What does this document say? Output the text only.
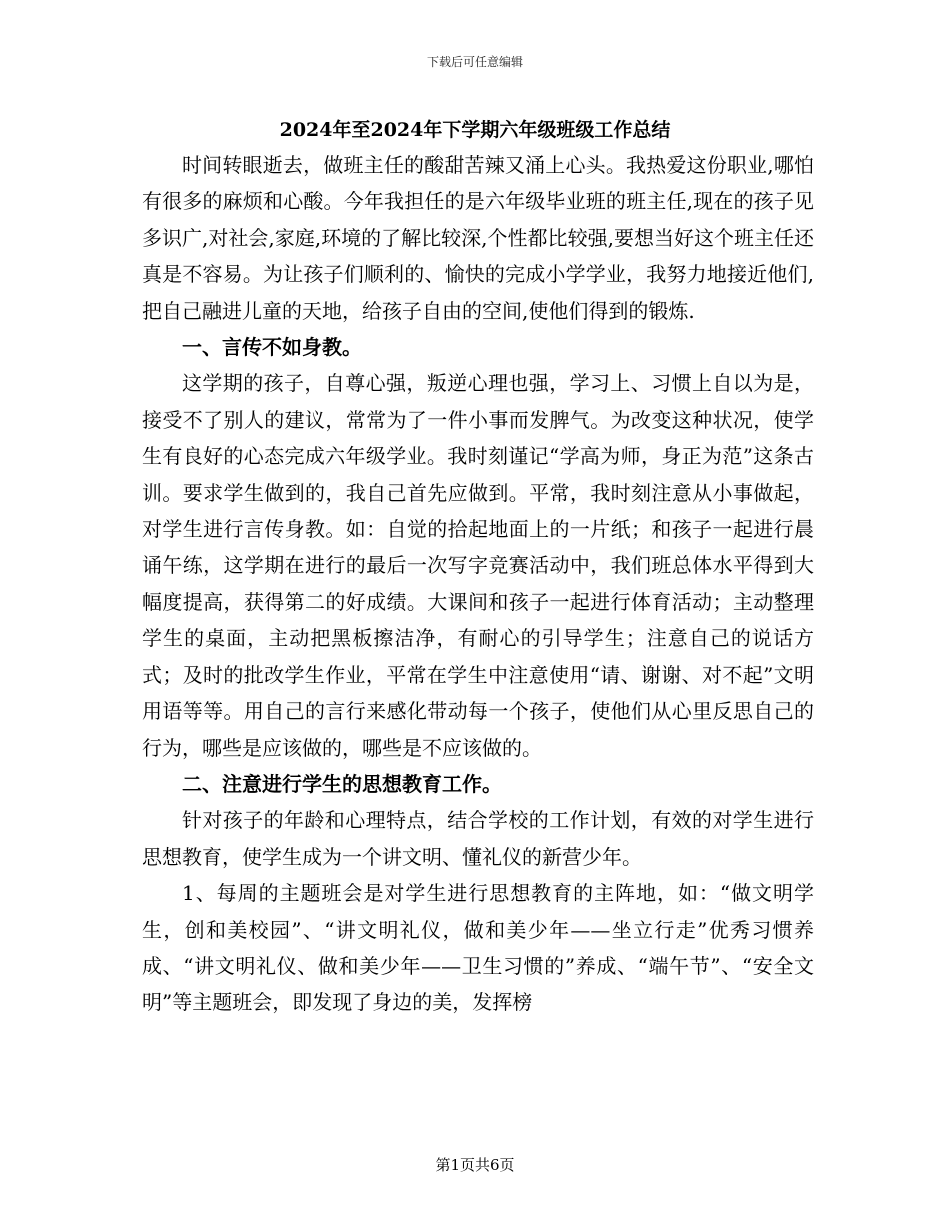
下载后可任意编辑
2024年至2024年下学期六年级班级工作总结

时间转眼逝去，做班主任的酸甜苦辣又涌上心头。我热爱这份职业,哪怕有很多的麻烦和心酸。今年我担任的是六年级毕业班的班主任,现在的孩子见多识广,对社会,家庭,环境的了解比较深,个性都比较强,要想当好这个班主任还真是不容易。为让孩子们顺利的、愉快的完成小学学业，我努力地接近他们,把自己融进儿童的天地，给孩子自由的空间,使他们得到的锻炼.

一、言传不如身教。

这学期的孩子，自尊心强，叛逆心理也强，学习上、习惯上自以为是，接受不了别人的建议，常常为了一件小事而发脾气。为改变这种状况，使学生有良好的心态完成六年级学业。我时刻谨记“学高为师，身正为范”这条古训。要求学生做到的，我自己首先应做到。平常，我时刻注意从小事做起，对学生进行言传身教。如：自觉的拾起地面上的一片纸；和孩子一起进行晨诵午练，这学期在进行的最后一次写字竞赛活动中，我们班总体水平得到大幅度提高，获得第二的好成绩。大课间和孩子一起进行体育活动；主动整理学生的桌面，主动把黑板擦洁净，有耐心的引导学生；注意自己的说话方式；及时的批改学生作业，平常在学生中注意使用“请、谢谢、对不起”文明用语等等。用自己的言行来感化带动每一个孩子，使他们从心里反思自己的行为，哪些是应该做的，哪些是不应该做的。

二、注意进行学生的思想教育工作。

针对孩子的年龄和心理特点，结合学校的工作计划，有效的对学生进行思想教育，使学生成为一个讲文明、懂礼仪的新营少年。

1、每周的主题班会是对学生进行思想教育的主阵地，如：“做文明学生，创和美校园”、“讲文明礼仪，做和美少年——坐立行走”优秀习惯养成、“讲文明礼仪、做和美少年——卫生习惯的”养成、“端午节”、“安全文明”等主题班会，即发现了身边的美，发挥榜

第1页共6页
